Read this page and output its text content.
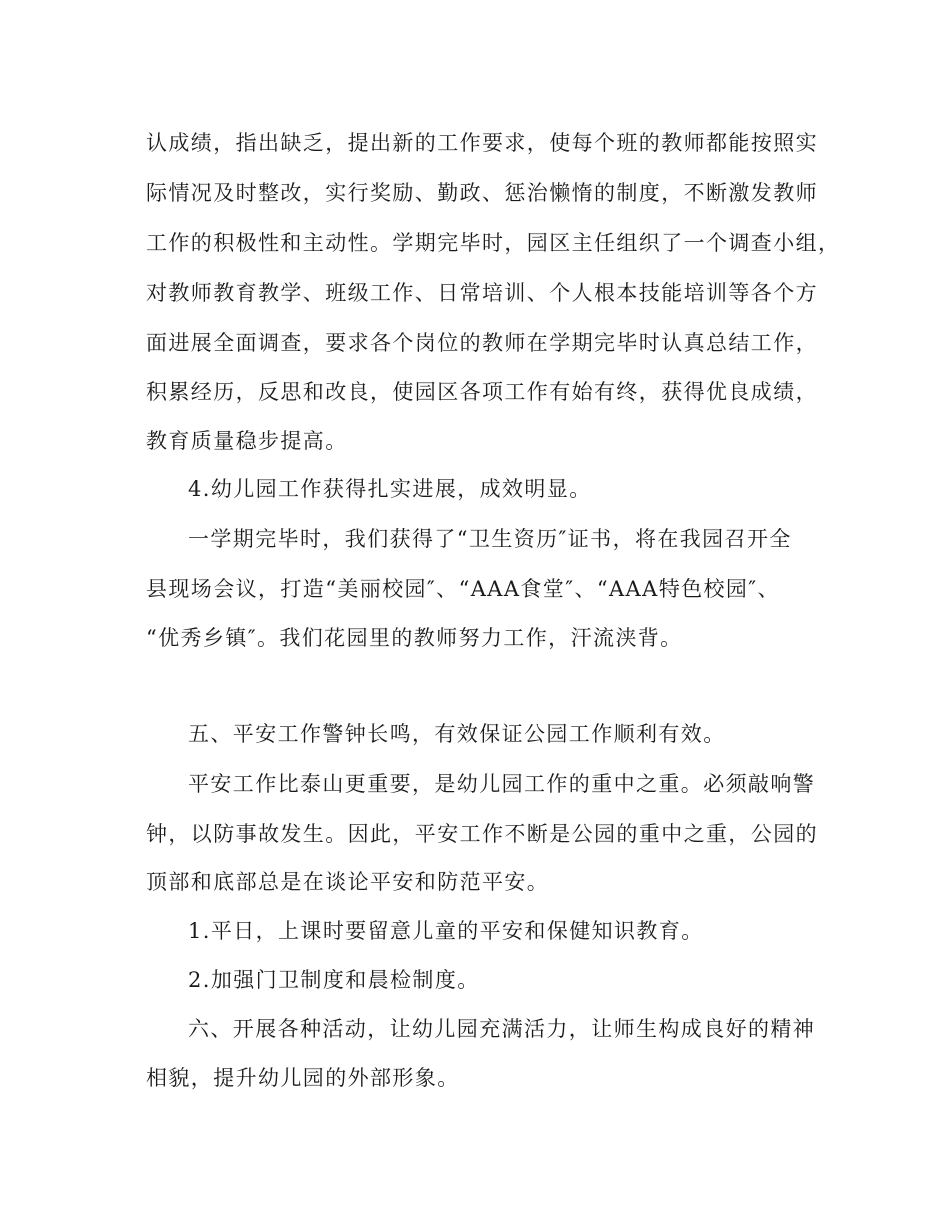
认成绩，指出缺乏，提出新的工作要求，使每个班的教师都能按照实

际情况及时整改，实行奖励、勤政、惩治懒惰的制度，不断激发教师

工作的积极性和主动性。学期完毕时，园区主任组织了一个调查小组，

对教师教育教学、班级工作、日常培训、个人根本技能培训等各个方

面进展全面调查，要求各个岗位的教师在学期完毕时认真总结工作，

积累经历，反思和改良，使园区各项工作有始有终，获得优良成绩，

教育质量稳步提高。

4.幼儿园工作获得扎实进展，成效明显。

一学期完毕时，我们获得了“卫生资历″证书，将在我园召开全

县现场会议，打造“美丽校园″、“AAA食堂″、“AAA特色校园″、

“优秀乡镇″。我们花园里的教师努力工作，汗流浃背。

五、平安工作警钟长鸣，有效保证公园工作顺利有效。

平安工作比泰山更重要，是幼儿园工作的重中之重。必须敲响警

钟，以防事故发生。因此，平安工作不断是公园的重中之重，公园的

顶部和底部总是在谈论平安和防范平安。

1.平日，上课时要留意儿童的平安和保健知识教育。

2.加强门卫制度和晨检制度。

六、开展各种活动，让幼儿园充满活力，让师生构成良好的精神

相貌，提升幼儿园的外部形象。
